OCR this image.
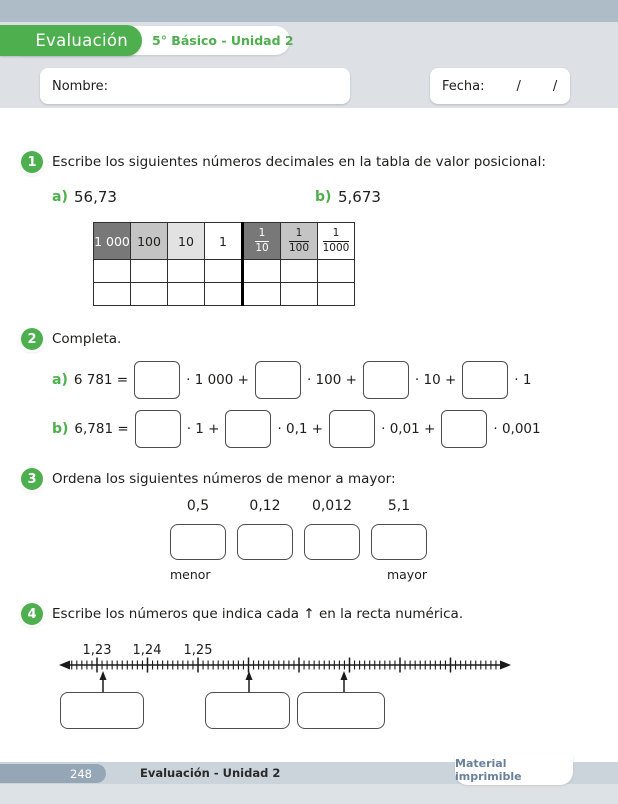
Evaluación 5° Básico - Unidad 2
Nombre:	Fecha: / /
1 Escribe los siguientes números decimales en la tabla de valor posicional:
a) 56,73	b) 5,673
1 000	100	10	1	$\frac{1}{10}$	$\frac{1}{100}$	$\frac{1}{1000}$

2 Completa.
a) 6 781 =	· 1 000 +	· 100 +	· 10 +	· 1
b) 6,781 =	· 1 +	· 0,1 +	· 0,01 +	· 0,001
3 Ordena los siguientes números de menor a mayor:
0,5	0,12	0,012	5,1
menor	mayor
4 Escribe los números que indica cada ↑ en la recta numérica.
1,23	1,24	1,25
Material imprimible
248	Evaluación - Unidad 2
